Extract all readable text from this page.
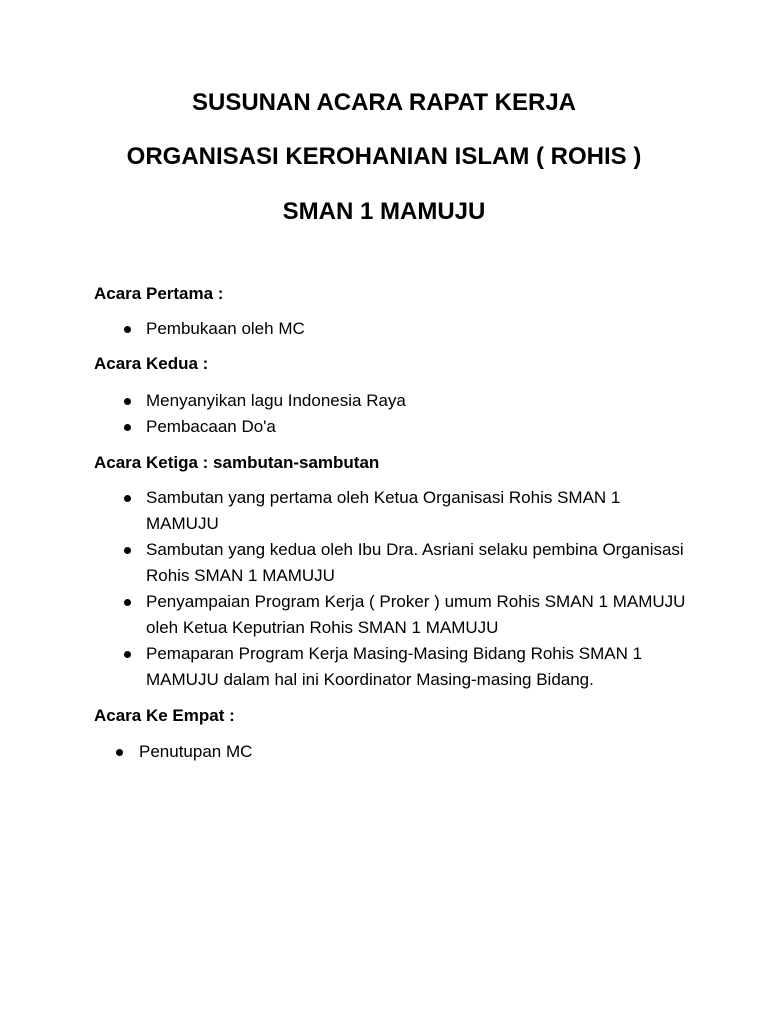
SUSUNAN ACARA RAPAT KERJA

ORGANISASI KEROHANIAN ISLAM ( ROHIS )

SMAN 1 MAMUJU

Acara Pertama :
Pembukaan oleh MC
Acara Kedua :
Menyanyikan lagu Indonesia Raya
Pembacaan Do'a
Acara Ketiga : sambutan-sambutan
Sambutan yang pertama oleh Ketua Organisasi Rohis SMAN 1 MAMUJU
Sambutan yang kedua oleh Ibu Dra. Asriani selaku pembina Organisasi Rohis SMAN 1 MAMUJU
Penyampaian Program Kerja ( Proker ) umum Rohis SMAN 1 MAMUJU oleh Ketua Keputrian Rohis SMAN 1 MAMUJU
Pemaparan Program Kerja Masing-Masing Bidang Rohis SMAN 1 MAMUJU dalam hal ini Koordinator Masing-masing Bidang.
Acara Ke Empat :
Penutupan MC
